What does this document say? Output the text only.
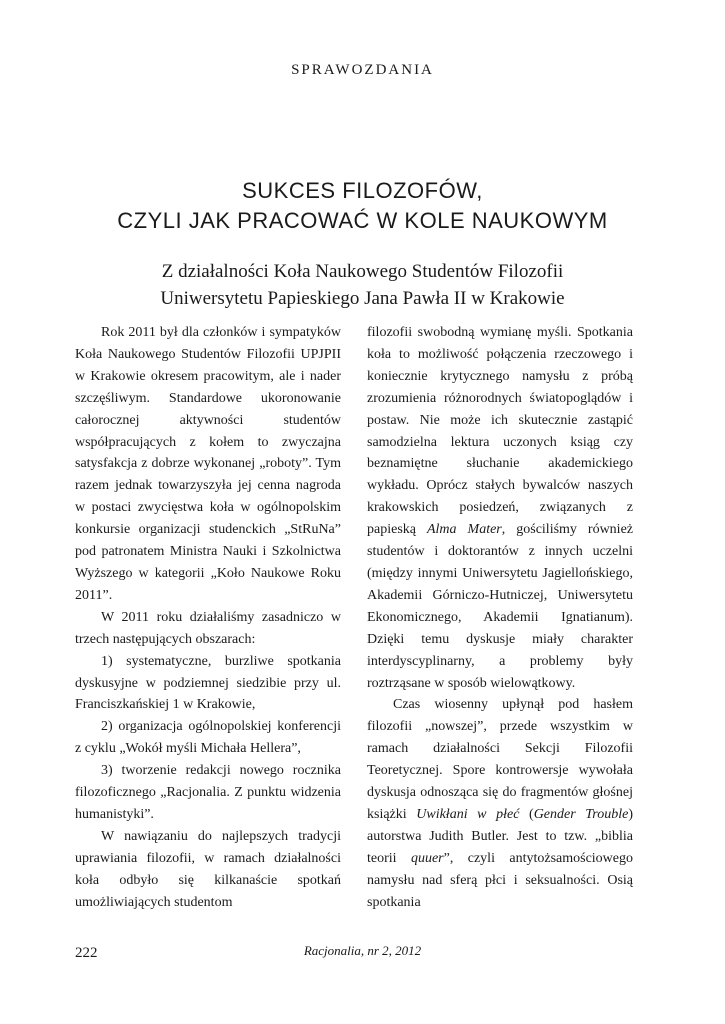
SPRAWOZDANIA
SUKCES FILOZOFÓW,
CZYLI JAK PRACOWAĆ W KOLE NAUKOWYM
Z działalności Koła Naukowego Studentów Filozofii
Uniwersytetu Papieskiego Jana Pawła II w Krakowie

Rok 2011 był dla członków i sympatyków Koła Naukowego Studentów Filozofii UPJPII w Krakowie okresem pracowitym, ale i nader szczęśliwym. Standardowe ukoronowanie całorocznej aktywności studentów współpracujących z kołem to zwyczajna satysfakcja z dobrze wykonanej „roboty”. Tym razem jednak towarzyszyła jej cenna nagroda w postaci zwycięstwa koła w ogólnopolskim konkursie organizacji studenckich „StRuNa” pod patronatem Ministra Nauki i Szkolnictwa Wyższego w kategorii „Koło Naukowe Roku 2011”.

W 2011 roku działaliśmy zasadniczo w trzech następujących obszarach:

1) systematyczne, burzliwe spotkania dyskusyjne w podziemnej siedzibie przy ul. Franciszkańskiej 1 w Krakowie,

2) organizacja ogólnopolskiej konferencji z cyklu „Wokół myśli Michała Hellera”,

3) tworzenie redakcji nowego rocznika filozoficznego „Racjonalia. Z punktu widzenia humanistyki”.

W nawiązaniu do najlepszych tradycji uprawiania filozofii, w ramach działalności koła odbyło się kilkanaście spotkań umożliwiających studentom

filozofii swobodną wymianę myśli. Spotkania koła to możliwość połączenia rzeczowego i koniecznie krytycznego namysłu z próbą zrozumienia różnorodnych światopoglądów i postaw. Nie może ich skutecznie zastąpić samodzielna lektura uczonych ksiąg czy beznamiętne słuchanie akademickiego wykładu. Oprócz stałych bywalców naszych krakowskich posiedzeń, związanych z papieską Alma Mater, gościliśmy również studentów i doktorantów z innych uczelni (między innymi Uniwersytetu Jagiellońskiego, Akademii Górniczo-Hutniczej, Uniwersytetu Ekonomicznego, Akademii Ignatianum). Dzięki temu dyskusje miały charakter interdyscyplinarny, a problemy były roztrząsane w sposób wielowątkowy.

Czas wiosenny upłynął pod hasłem filozofii „nowszej”, przede wszystkim w ramach działalności Sekcji Filozofii Teoretycznej. Spore kontrowersje wywołała dyskusja odnosząca się do fragmentów głośnej książki Uwikłani w płeć (Gender Trouble) autorstwa Judith Butler. Jest to tzw. „biblia teorii quuer”, czyli antytożsamościowego namysłu nad sferą płci i seksualności. Osią spotkania

222	Racjonalia, nr 2, 2012
